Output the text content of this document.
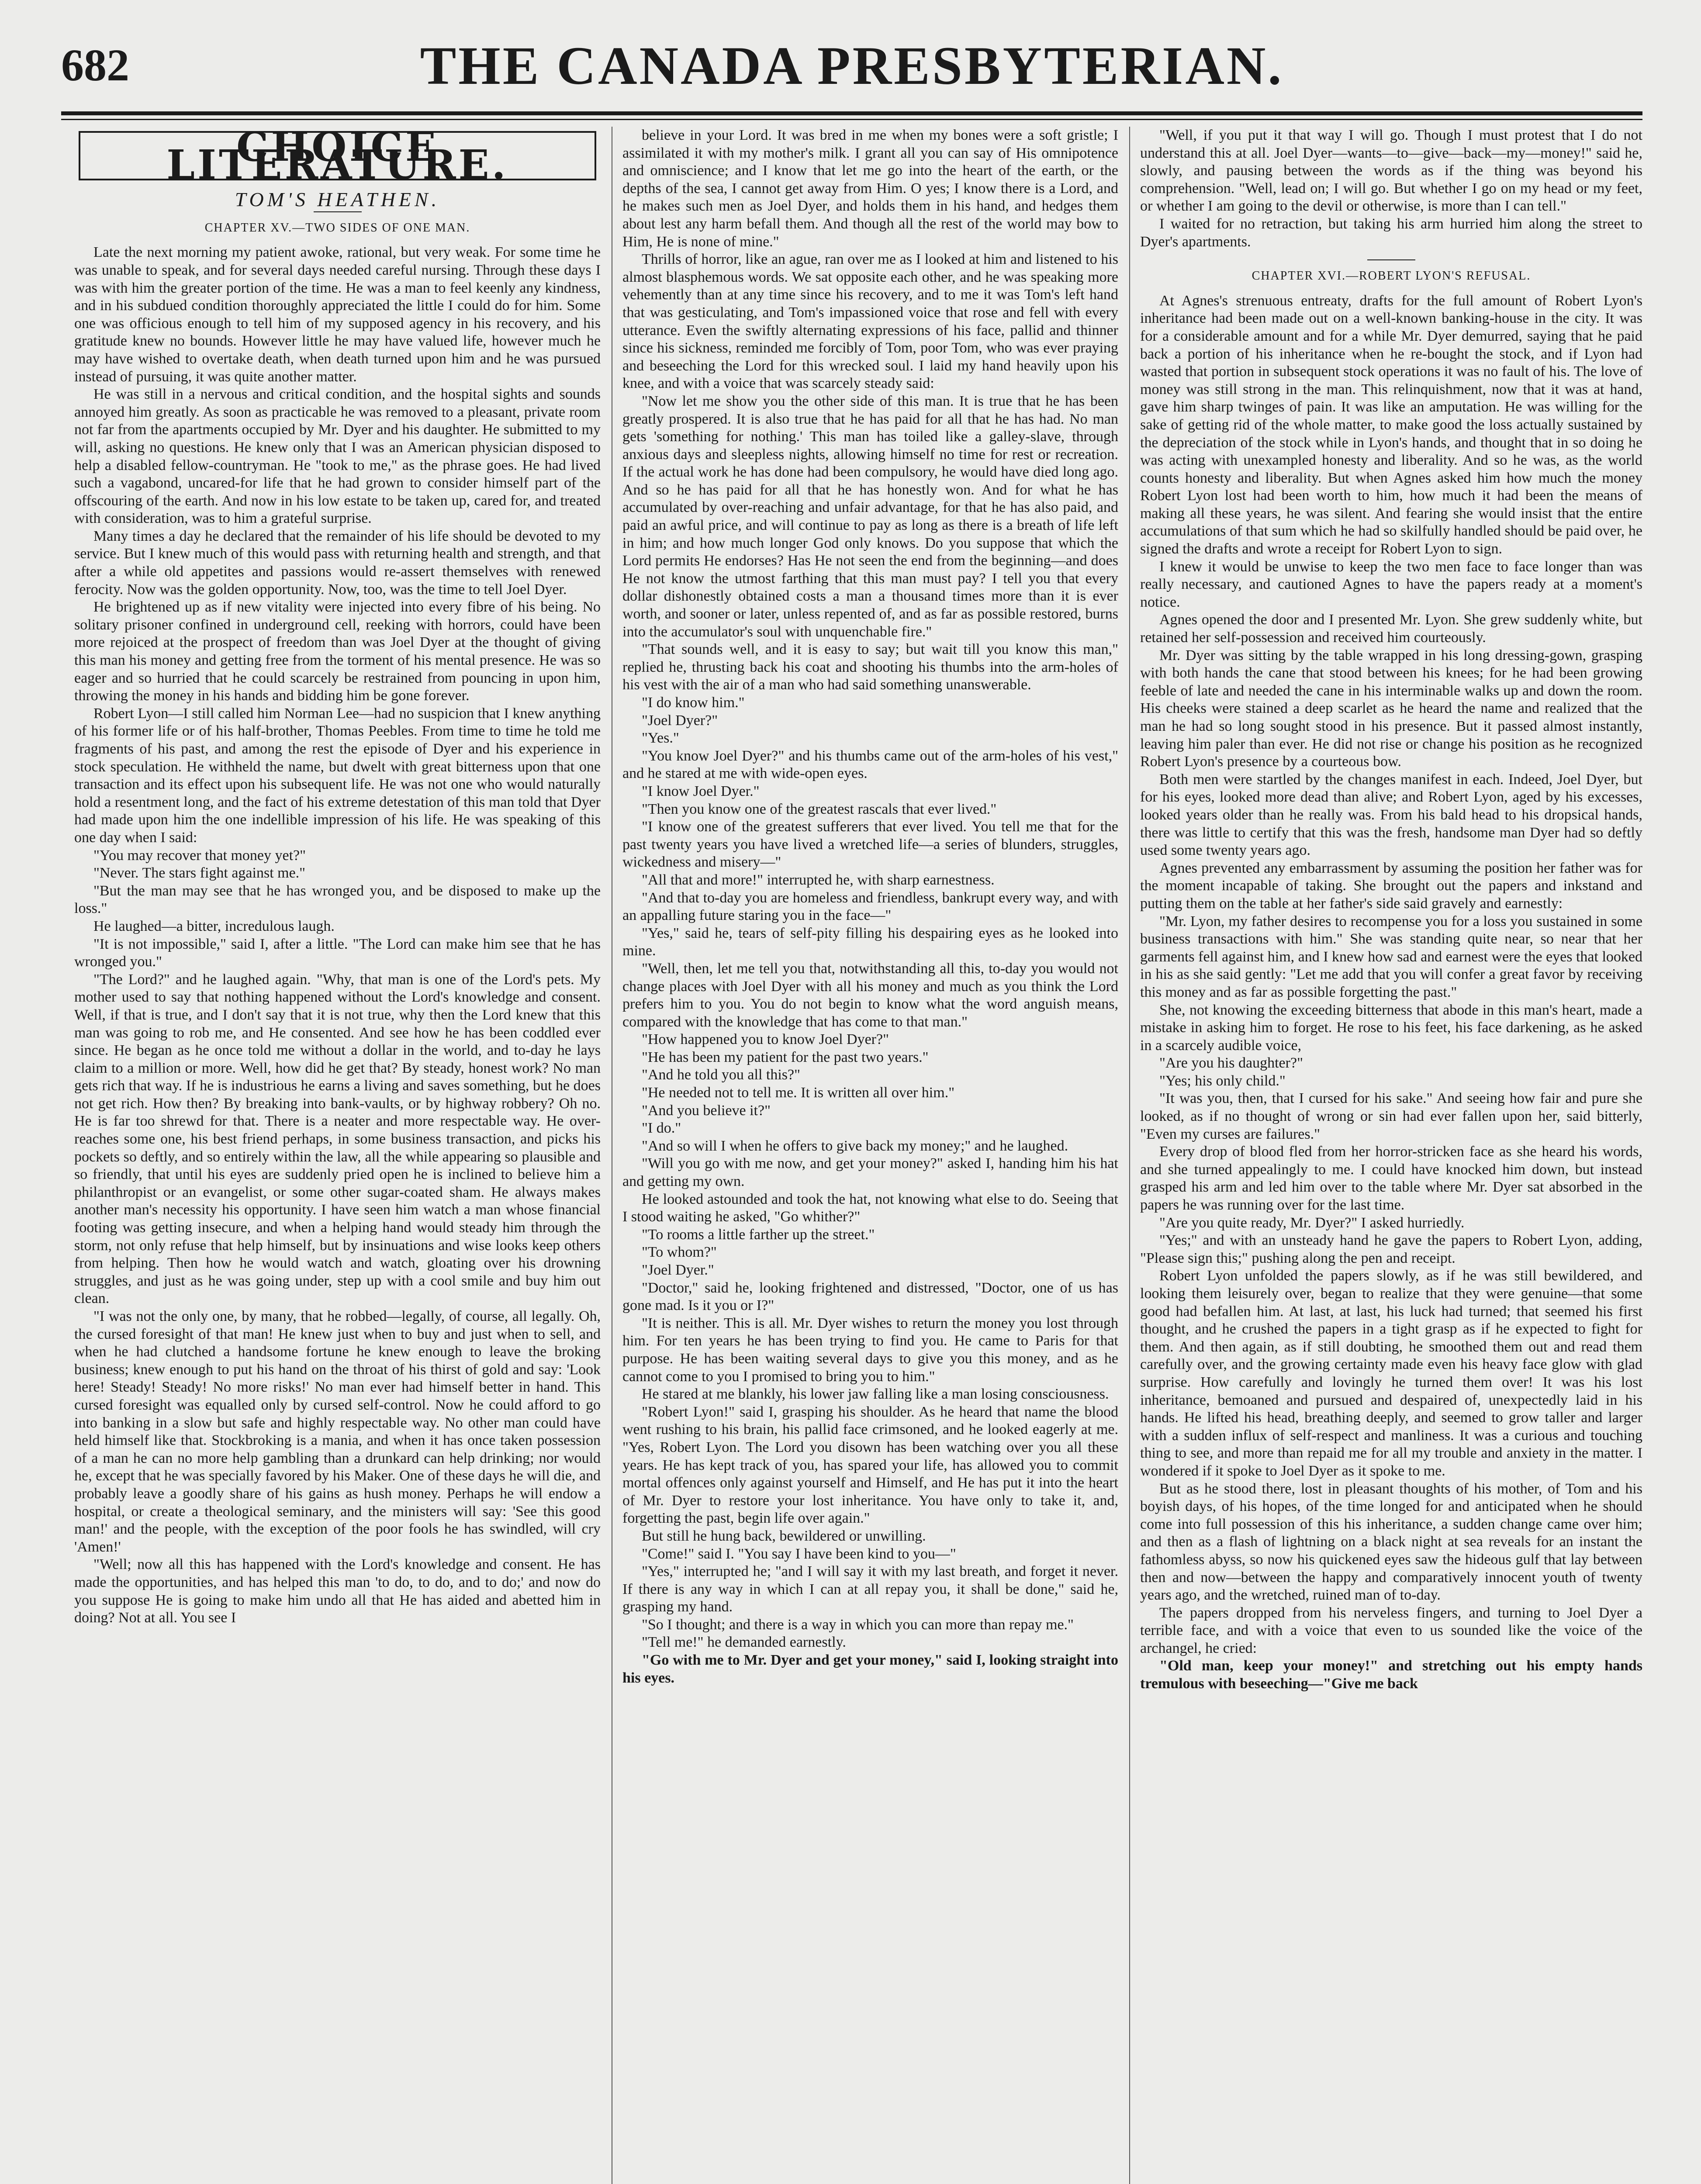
682	THE CANADA PRESBYTERIAN.
CHOICE LITERATURE.
TOM'S HEATHEN.
CHAPTER XV.—TWO SIDES OF ONE MAN.

Late the next morning my patient awoke, rational, but very weak. For some time he was unable to speak, and for several days needed careful nursing. Through these days I was with him the greater portion of the time. He was a man to feel keenly any kindness, and in his subdued condition thoroughly appreciated the little I could do for him. Some one was officious enough to tell him of my supposed agency in his recovery, and his gratitude knew no bounds. However little he may have valued life, however much he may have wished to overtake death, when death turned upon him and he was pursued instead of pursuing, it was quite another matter.

He was still in a nervous and critical condition, and the hospital sights and sounds annoyed him greatly. As soon as practicable he was removed to a pleasant, private room not far from the apartments occupied by Mr. Dyer and his daughter. He submitted to my will, asking no questions. He knew only that I was an American physician disposed to help a disabled fellow-countryman. He "took to me," as the phrase goes. He had lived such a vagabond, uncared-for life that he had grown to consider himself part of the offscouring of the earth. And now in his low estate to be taken up, cared for, and treated with consideration, was to him a grateful surprise.

Many times a day he declared that the remainder of his life should be devoted to my service. But I knew much of this would pass with returning health and strength, and that after a while old appetites and passions would re-assert themselves with renewed ferocity. Now was the golden opportunity. Now, too, was the time to tell Joel Dyer.

He brightened up as if new vitality were injected into every fibre of his being. No solitary prisoner confined in underground cell, reeking with horrors, could have been more rejoiced at the prospect of freedom than was Joel Dyer at the thought of giving this man his money and getting free from the torment of his mental presence. He was so eager and so hurried that he could scarcely be restrained from pouncing in upon him, throwing the money in his hands and bidding him be gone forever.

Robert Lyon—I still called him Norman Lee—had no suspicion that I knew anything of his former life or of his half-brother, Thomas Peebles. From time to time he told me fragments of his past, and among the rest the episode of Dyer and his experience in stock speculation. He withheld the name, but dwelt with great bitterness upon that one transaction and its effect upon his subsequent life. He was not one who would naturally hold a resentment long, and the fact of his extreme detestation of this man told that Dyer had made upon him the one indellible impression of his life. He was speaking of this one day when I said:

"You may recover that money yet?"

"Never. The stars fight against me."

"But the man may see that he has wronged you, and be disposed to make up the loss."

He laughed—a bitter, incredulous laugh.

"It is not impossible," said I, after a little. "The Lord can make him see that he has wronged you."

"The Lord?" and he laughed again. "Why, that man is one of the Lord's pets. My mother used to say that nothing happened without the Lord's knowledge and consent. Well, if that is true, and I don't say that it is not true, why then the Lord knew that this man was going to rob me, and He consented. And see how he has been coddled ever since. He began as he once told me without a dollar in the world, and to-day he lays claim to a million or more. Well, how did he get that? By steady, honest work? No man gets rich that way. If he is industrious he earns a living and saves something, but he does not get rich. How then? By breaking into bank-vaults, or by highway robbery? Oh no. He is far too shrewd for that. There is a neater and more respectable way. He over-reaches some one, his best friend perhaps, in some business transaction, and picks his pockets so deftly, and so entirely within the law, all the while appearing so plausible and so friendly, that until his eyes are suddenly pried open he is inclined to believe him a philanthropist or an evangelist, or some other sugar-coated sham. He always makes another man's necessity his opportunity. I have seen him watch a man whose financial footing was getting insecure, and when a helping hand would steady him through the storm, not only refuse that help himself, but by insinuations and wise looks keep others from helping. Then how he would watch and watch, gloating over his drowning struggles, and just as he was going under, step up with a cool smile and buy him out clean.

"I was not the only one, by many, that he robbed—legally, of course, all legally. Oh, the cursed foresight of that man! He knew just when to buy and just when to sell, and when he had clutched a handsome fortune he knew enough to leave the broking business; knew enough to put his hand on the throat of his thirst of gold and say: 'Look here! Steady! Steady! No more risks!' No man ever had himself better in hand. This cursed foresight was equalled only by cursed self-control. Now he could afford to go into banking in a slow but safe and highly respectable way. No other man could have held himself like that. Stockbroking is a mania, and when it has once taken possession of a man he can no more help gambling than a drunkard can help drinking; nor would he, except that he was specially favored by his Maker. One of these days he will die, and probably leave a goodly share of his gains as hush money. Perhaps he will endow a hospital, or create a theological seminary, and the ministers will say: 'See this good man!' and the people, with the exception of the poor fools he has swindled, will cry 'Amen!'

"Well; now all this has happened with the Lord's knowledge and consent. He has made the opportunities, and has helped this man 'to do, to do, and to do;' and now do you suppose He is going to make him undo all that He has aided and abetted him in doing? Not at all. You see I

believe in your Lord. It was bred in me when my bones were a soft gristle; I assimilated it with my mother's milk. I grant all you can say of His omnipotence and omniscience; and I know that let me go into the heart of the earth, or the depths of the sea, I cannot get away from Him. O yes; I know there is a Lord, and he makes such men as Joel Dyer, and holds them in his hand, and hedges them about lest any harm befall them. And though all the rest of the world may bow to Him, He is none of mine."

Thrills of horror, like an ague, ran over me as I looked at him and listened to his almost blasphemous words. We sat opposite each other, and he was speaking more vehemently than at any time since his recovery, and to me it was Tom's left hand that was gesticulating, and Tom's impassioned voice that rose and fell with every utterance. Even the swiftly alternating expressions of his face, pallid and thinner since his sickness, reminded me forcibly of Tom, poor Tom, who was ever praying and beseeching the Lord for this wrecked soul. I laid my hand heavily upon his knee, and with a voice that was scarcely steady said:

"Now let me show you the other side of this man. It is true that he has been greatly prospered. It is also true that he has paid for all that he has had. No man gets 'something for nothing.' This man has toiled like a galley-slave, through anxious days and sleepless nights, allowing himself no time for rest or recreation. If the actual work he has done had been compulsory, he would have died long ago. And so he has paid for all that he has honestly won. And for what he has accumulated by over-reaching and unfair advantage, for that he has also paid, and paid an awful price, and will continue to pay as long as there is a breath of life left in him; and how much longer God only knows. Do you suppose that which the Lord permits He endorses? Has He not seen the end from the beginning—and does He not know the utmost farthing that this man must pay? I tell you that every dollar dishonestly obtained costs a man a thousand times more than it is ever worth, and sooner or later, unless repented of, and as far as possible restored, burns into the accumulator's soul with unquenchable fire."

"That sounds well, and it is easy to say; but wait till you know this man," replied he, thrusting back his coat and shooting his thumbs into the arm-holes of his vest with the air of a man who had said something unanswerable.

"I do know him."

"Joel Dyer?"

"Yes."

"You know Joel Dyer?" and his thumbs came out of the arm-holes of his vest," and he stared at me with wide-open eyes.

"I know Joel Dyer."

"Then you know one of the greatest rascals that ever lived."

"I know one of the greatest sufferers that ever lived. You tell me that for the past twenty years you have lived a wretched life—a series of blunders, struggles, wickedness and misery—"

"All that and more!" interrupted he, with sharp earnestness.

"And that to-day you are homeless and friendless, bankrupt every way, and with an appalling future staring you in the face—"

"Yes," said he, tears of self-pity filling his despairing eyes as he looked into mine.

"Well, then, let me tell you that, notwithstanding all this, to-day you would not change places with Joel Dyer with all his money and much as you think the Lord prefers him to you. You do not begin to know what the word anguish means, compared with the knowledge that has come to that man."

"How happened you to know Joel Dyer?"

"He has been my patient for the past two years."

"And he told you all this?"

"He needed not to tell me. It is written all over him."

"And you believe it?"

"I do."

"And so will I when he offers to give back my money;" and he laughed.

"Will you go with me now, and get your money?" asked I, handing him his hat and getting my own.

He looked astounded and took the hat, not knowing what else to do. Seeing that I stood waiting he asked, "Go whither?"

"To rooms a little farther up the street."

"To whom?"

"Joel Dyer."

"Doctor," said he, looking frightened and distressed, "Doctor, one of us has gone mad. Is it you or I?"

"It is neither. This is all. Mr. Dyer wishes to return the money you lost through him. For ten years he has been trying to find you. He came to Paris for that purpose. He has been waiting several days to give you this money, and as he cannot come to you I promised to bring you to him."

He stared at me blankly, his lower jaw falling like a man losing consciousness.

"Robert Lyon!" said I, grasping his shoulder. As he heard that name the blood went rushing to his brain, his pallid face crimsoned, and he looked eagerly at me. "Yes, Robert Lyon. The Lord you disown has been watching over you all these years. He has kept track of you, has spared your life, has allowed you to commit mortal offences only against yourself and Himself, and He has put it into the heart of Mr. Dyer to restore your lost inheritance. You have only to take it, and, forgetting the past, begin life over again."

But still he hung back, bewildered or unwilling.

"Come!" said I. "You say I have been kind to you—"

"Yes," interrupted he; "and I will say it with my last breath, and forget it never. If there is any way in which I can at all repay you, it shall be done," said he, grasping my hand.

"So I thought; and there is a way in which you can more than repay me."

"Tell me!" he demanded earnestly.

"Go with me to Mr. Dyer and get your money," said I, looking straight into his eyes.

"Well, if you put it that way I will go. Though I must protest that I do not understand this at all. Joel Dyer—wants—to—give—back—my—money!" said he, slowly, and pausing between the words as if the thing was beyond his comprehension. "Well, lead on; I will go. But whether I go on my head or my feet, or whether I am going to the devil or otherwise, is more than I can tell."

I waited for no retraction, but taking his arm hurried him along the street to Dyer's apartments.

CHAPTER XVI.—ROBERT LYON'S REFUSAL.

At Agnes's strenuous entreaty, drafts for the full amount of Robert Lyon's inheritance had been made out on a well-known banking-house in the city. It was for a considerable amount and for a while Mr. Dyer demurred, saying that he paid back a portion of his inheritance when he re-bought the stock, and if Lyon had wasted that portion in subsequent stock operations it was no fault of his. The love of money was still strong in the man. This relinquishment, now that it was at hand, gave him sharp twinges of pain. It was like an amputation. He was willing for the sake of getting rid of the whole matter, to make good the loss actually sustained by the depreciation of the stock while in Lyon's hands, and thought that in so doing he was acting with unexampled honesty and liberality. And so he was, as the world counts honesty and liberality. But when Agnes asked him how much the money Robert Lyon lost had been worth to him, how much it had been the means of making all these years, he was silent. And fearing she would insist that the entire accumulations of that sum which he had so skilfully handled should be paid over, he signed the drafts and wrote a receipt for Robert Lyon to sign.

I knew it would be unwise to keep the two men face to face longer than was really necessary, and cautioned Agnes to have the papers ready at a moment's notice.

Agnes opened the door and I presented Mr. Lyon. She grew suddenly white, but retained her self-possession and received him courteously.

Mr. Dyer was sitting by the table wrapped in his long dressing-gown, grasping with both hands the cane that stood between his knees; for he had been growing feeble of late and needed the cane in his interminable walks up and down the room. His cheeks were stained a deep scarlet as he heard the name and realized that the man he had so long sought stood in his presence. But it passed almost instantly, leaving him paler than ever. He did not rise or change his position as he recognized Robert Lyon's presence by a courteous bow.

Both men were startled by the changes manifest in each. Indeed, Joel Dyer, but for his eyes, looked more dead than alive; and Robert Lyon, aged by his excesses, looked years older than he really was. From his bald head to his dropsical hands, there was little to certify that this was the fresh, handsome man Dyer had so deftly used some twenty years ago.

Agnes prevented any embarrassment by assuming the position her father was for the moment incapable of taking. She brought out the papers and inkstand and putting them on the table at her father's side said gravely and earnestly:

"Mr. Lyon, my father desires to recompense you for a loss you sustained in some business transactions with him." She was standing quite near, so near that her garments fell against him, and I knew how sad and earnest were the eyes that looked in his as she said gently: "Let me add that you will confer a great favor by receiving this money and as far as possible forgetting the past."

She, not knowing the exceeding bitterness that abode in this man's heart, made a mistake in asking him to forget. He rose to his feet, his face darkening, as he asked in a scarcely audible voice,

"Are you his daughter?"

"Yes; his only child."

"It was you, then, that I cursed for his sake." And seeing how fair and pure she looked, as if no thought of wrong or sin had ever fallen upon her, said bitterly, "Even my curses are failures."

Every drop of blood fled from her horror-stricken face as she heard his words, and she turned appealingly to me. I could have knocked him down, but instead grasped his arm and led him over to the table where Mr. Dyer sat absorbed in the papers he was running over for the last time.

"Are you quite ready, Mr. Dyer?" I asked hurriedly.

"Yes;" and with an unsteady hand he gave the papers to Robert Lyon, adding, "Please sign this;" pushing along the pen and receipt.

Robert Lyon unfolded the papers slowly, as if he was still bewildered, and looking them leisurely over, began to realize that they were genuine—that some good had befallen him. At last, at last, his luck had turned; that seemed his first thought, and he crushed the papers in a tight grasp as if he expected to fight for them. And then again, as if still doubting, he smoothed them out and read them carefully over, and the growing certainty made even his heavy face glow with glad surprise. How carefully and lovingly he turned them over! It was his lost inheritance, bemoaned and pursued and despaired of, unexpectedly laid in his hands. He lifted his head, breathing deeply, and seemed to grow taller and larger with a sudden influx of self-respect and manliness. It was a curious and touching thing to see, and more than repaid me for all my trouble and anxiety in the matter. I wondered if it spoke to Joel Dyer as it spoke to me.

But as he stood there, lost in pleasant thoughts of his mother, of Tom and his boyish days, of his hopes, of the time longed for and anticipated when he should come into full possession of this his inheritance, a sudden change came over him; and then as a flash of lightning on a black night at sea reveals for an instant the fathomless abyss, so now his quickened eyes saw the hideous gulf that lay between then and now—between the happy and comparatively innocent youth of twenty years ago, and the wretched, ruined man of to-day.

The papers dropped from his nerveless fingers, and turning to Joel Dyer a terrible face, and with a voice that even to us sounded like the voice of the archangel, he cried:

"Old man, keep your money!" and stretching out his empty hands tremulous with beseeching—"Give me back
